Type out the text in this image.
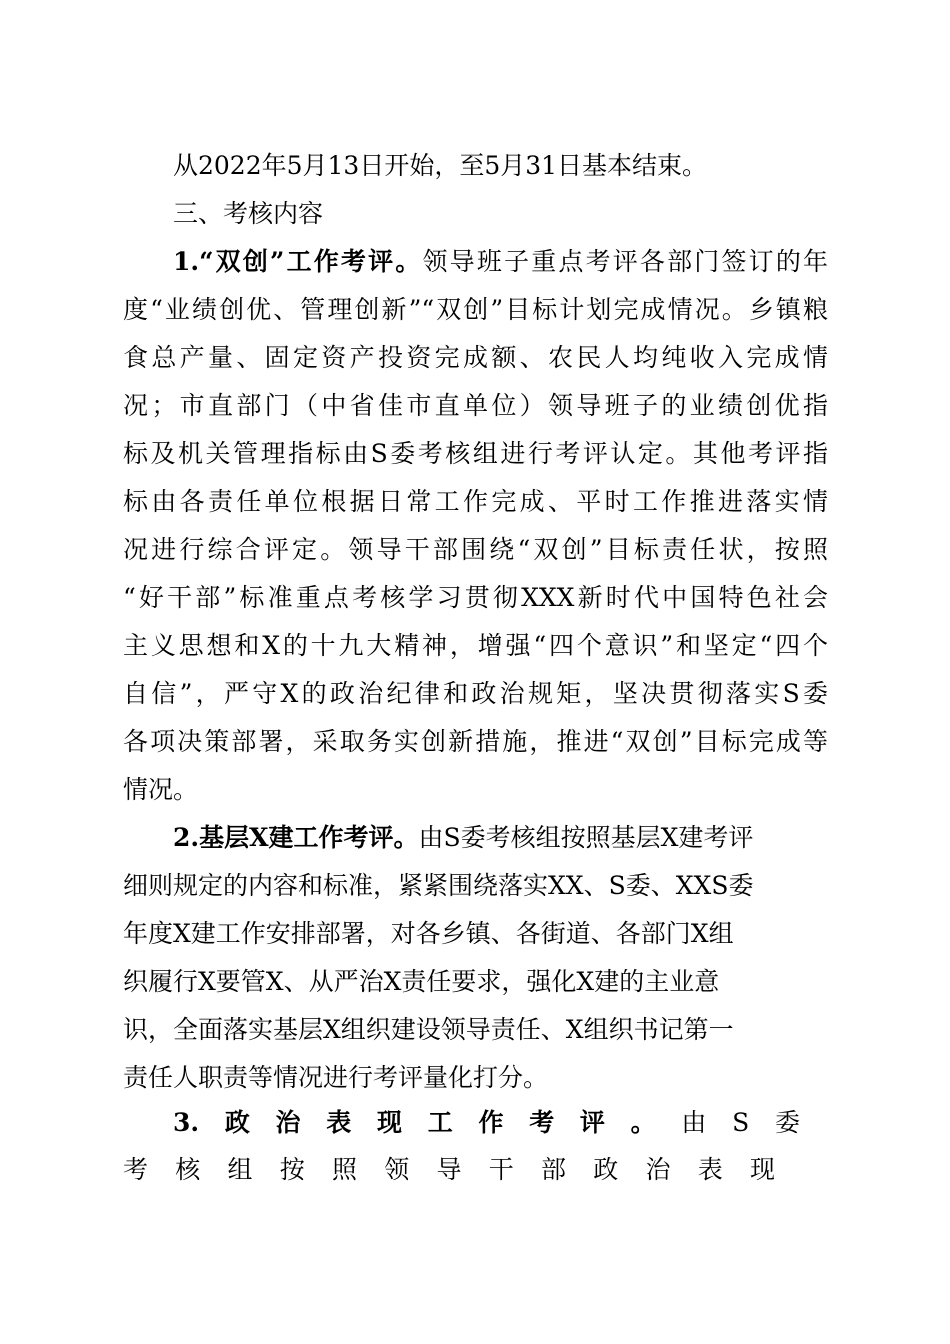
从2022年5月13日开始，至5月31日基本结束。
三、考核内容
1.“双创”工作考评。领导班子重点考评各部门签订的年
度“业绩创优、管理创新”“双创”目标计划完成情况。乡镇粮
食总产量、固定资产投资完成额、农民人均纯收入完成情
况；市直部门（中省佳市直单位）领导班子的业绩创优指
标及机关管理指标由S委考核组进行考评认定。其他考评指
标由各责任单位根据日常工作完成、平时工作推进落实情
况进行综合评定。领导干部围绕“双创”目标责任状，按照
“好干部”标准重点考核学习贯彻XXX新时代中国特色社会
主义思想和X的十九大精神，增强“四个意识”和坚定“四个
自信”，严守X的政治纪律和政治规矩，坚决贯彻落实S委
各项决策部署，采取务实创新措施，推进“双创”目标完成等
情况。
2.基层X建工作考评。由S委考核组按照基层X建考评
细则规定的内容和标准，紧紧围绕落实XX、S委、XXS委
年度X建工作安排部署，对各乡镇、各街道、各部门X组
织履行X要管X、从严治X责任要求，强化X建的主业意
识，全面落实基层X组织建设领导责任、X组织书记第一
责任人职责等情况进行考评量化打分。
3.政治表现工作考评。由S委
考核组按照领导干部政治表现
